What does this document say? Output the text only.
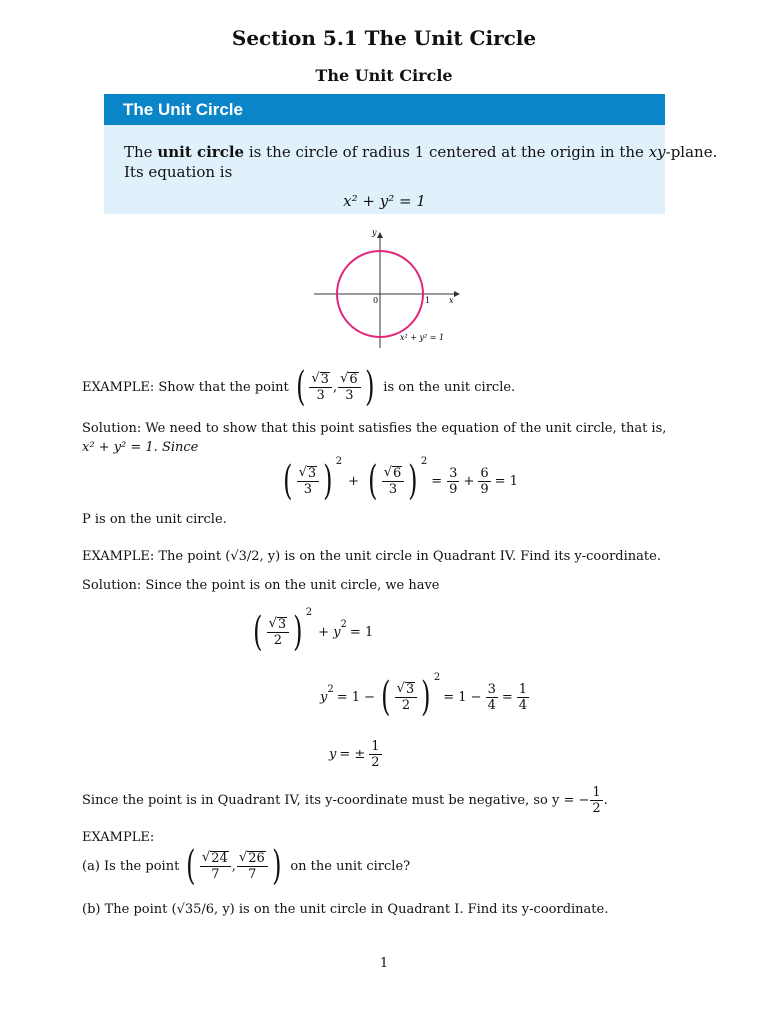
Section 5.1 The Unit Circle
The Unit Circle
The Unit Circle
The unit circle is the circle of radius 1 centered at the origin in the xy-plane.
Its equation is
x² + y² = 1
y
x
0	1
x² + y² = 1
EXAMPLE: Show that the point ( $\frac{√ 3}{3}$ , $\frac{√ 6}{3}$ ) is on the unit circle.
Solution: We need to show that this point satisfies the equation of the unit circle, that is,
x² + y² = 1. Since
( $\frac{√ 3}{3}$ ) $^2$
+ ( $\frac{√ 6}{3}$ ) $^2$
= $\frac{3}{9} + \frac{6}{9} = 1$
P is on the unit circle.
EXAMPLE: The point (√3/2, y) is on the unit circle in Quadrant IV. Find its y-coordinate.
Solution: Since the point is on the unit circle, we have
( $\frac{√ 3}{2}$ ) $^2$
+ $y^2 = 1$
$y^2 = 1$ − ( $\frac{√ 3}{2}$ ) $^2$
= $1 - \frac{3}{4} = \frac{1}{4}$
y = ± $\frac{1}{2}$
Since the point is in Quadrant IV, its y-coordinate must be negative, so y = − $\frac{1}{2}$ .
EXAMPLE:
(a) Is the point ( $\frac{√ 24}{7}$ , $\frac{√ 26}{7}$ ) on the unit circle?
(b) The point (√35/6, y) is on the unit circle in Quadrant I. Find its y-coordinate.
1
